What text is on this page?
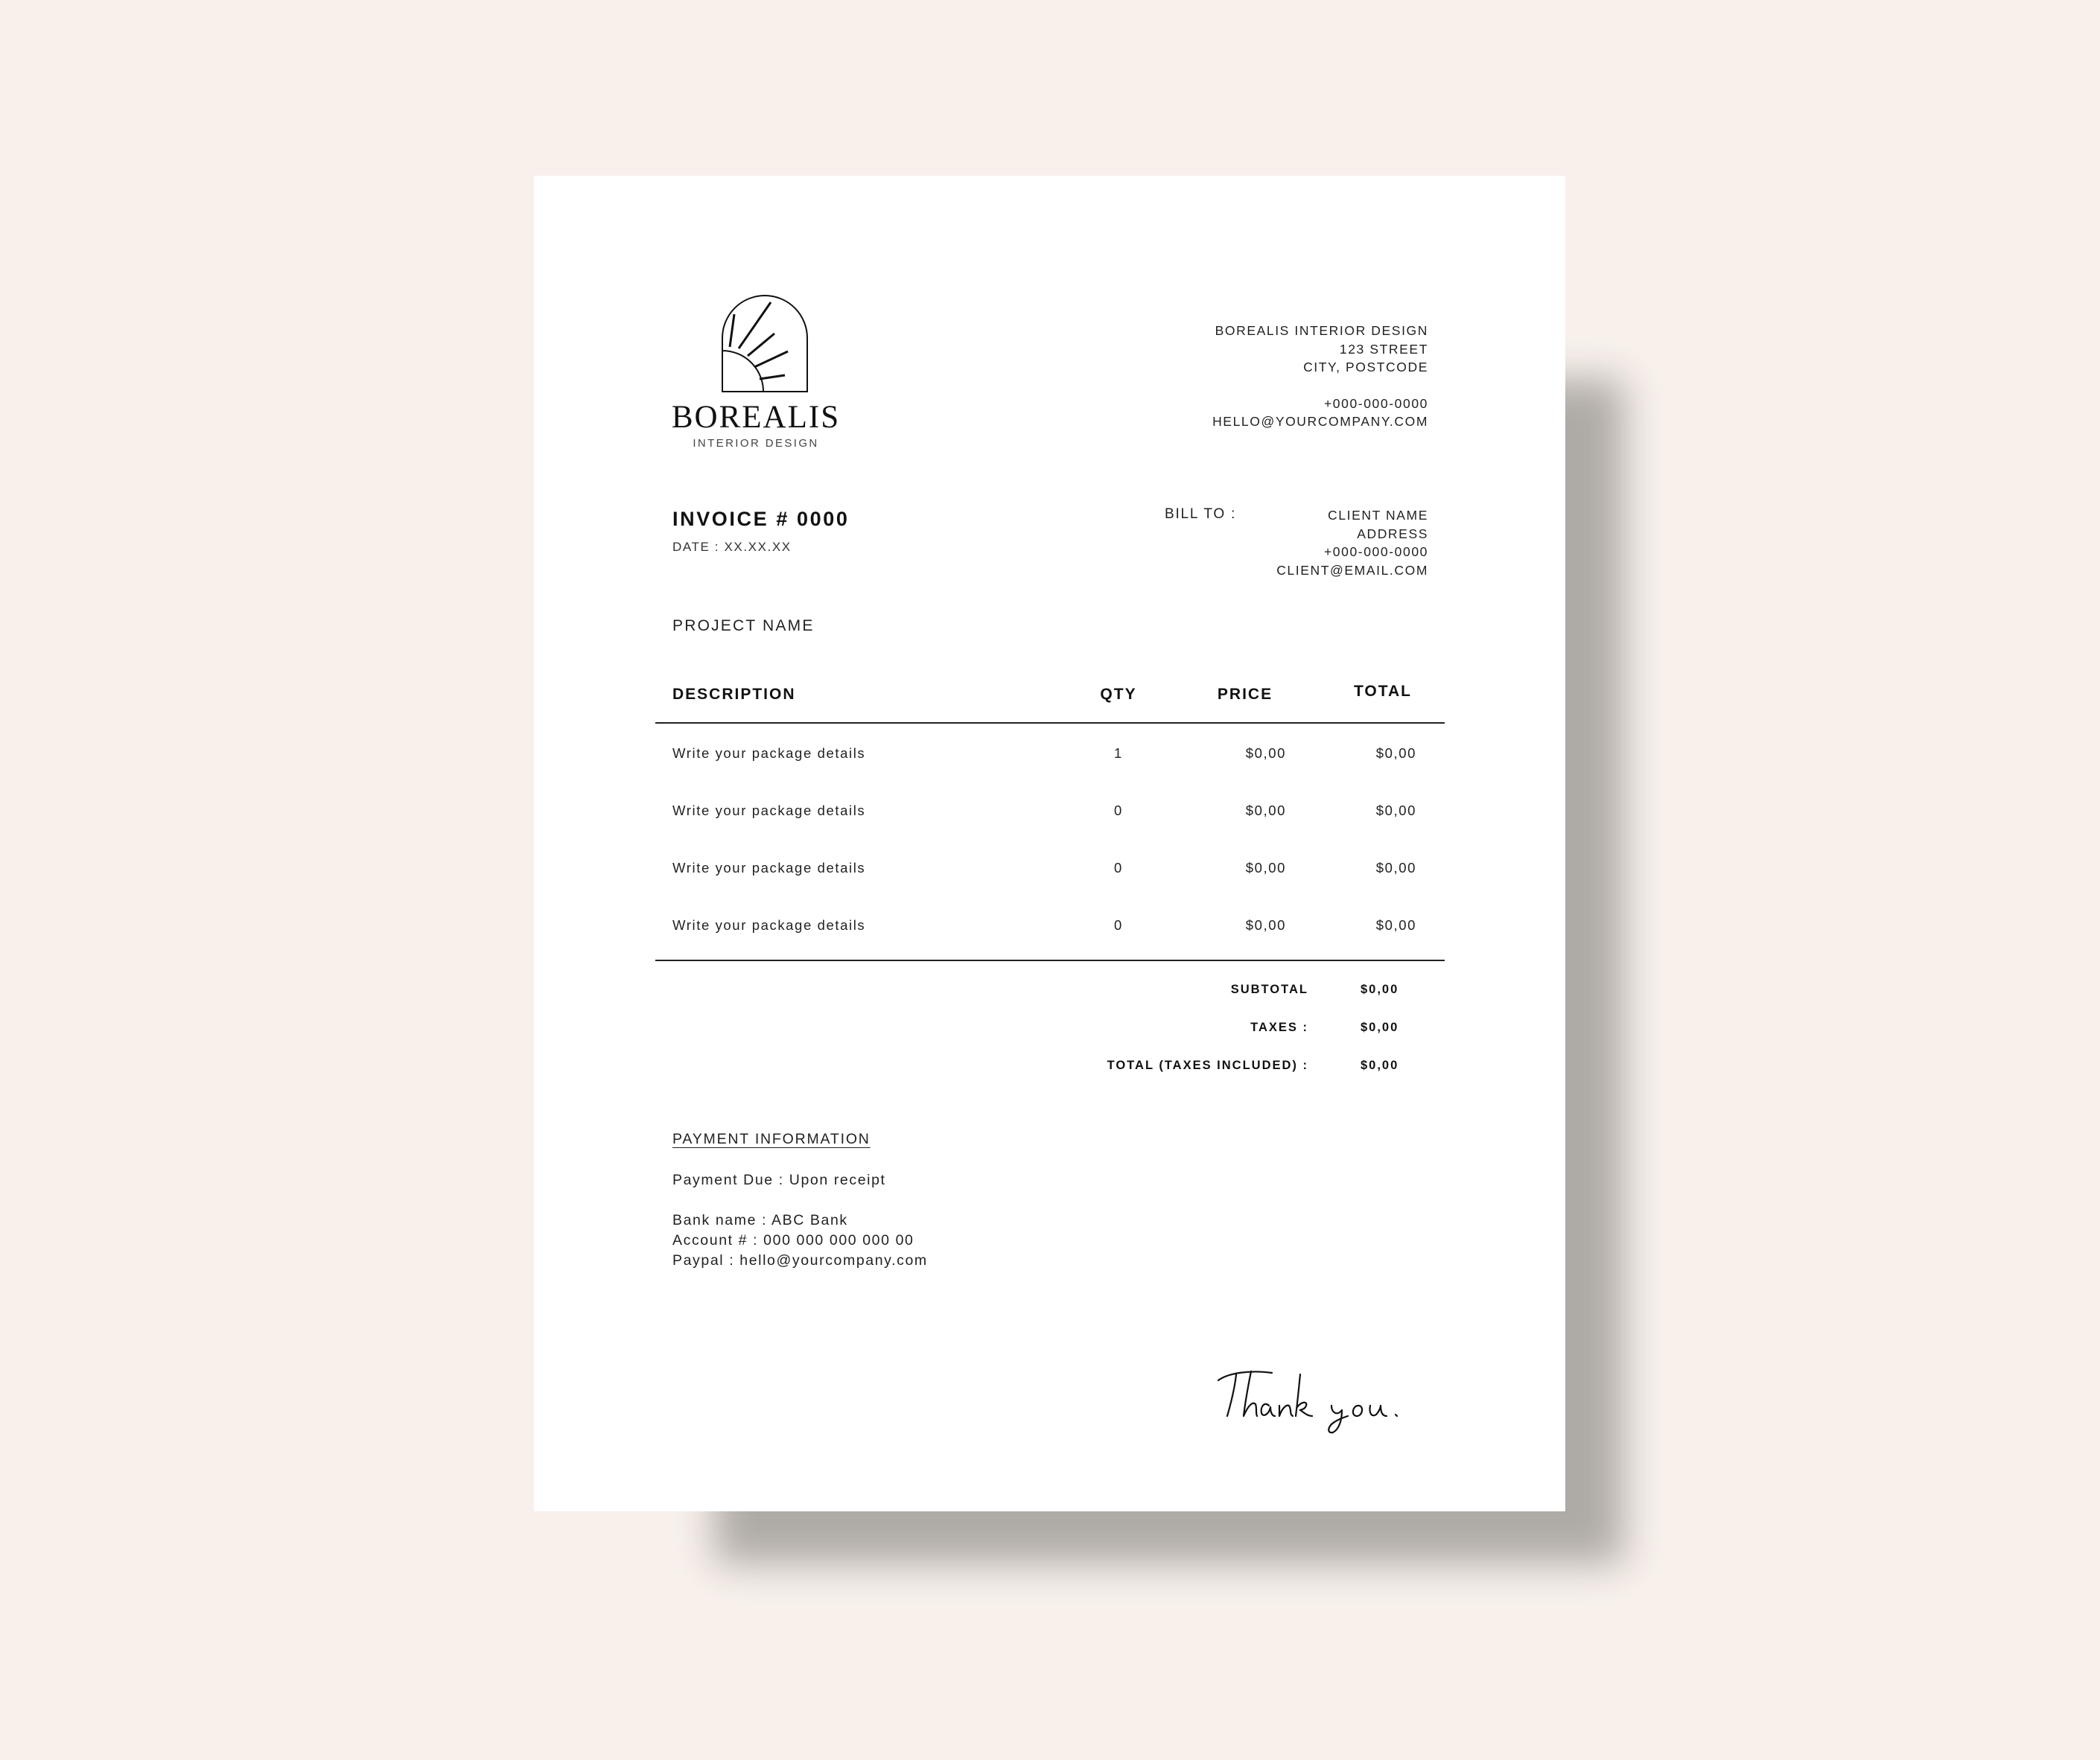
BOREALIS
INTERIOR DESIGN
BOREALIS INTERIOR DESIGN
123 STREET
CITY, POSTCODE
+000-000-0000
HELLO@YOURCOMPANY.COM
INVOICE # 0000
DATE : XX.XX.XX
BILL TO :	CLIENT NAME
ADDRESS
+000-000-0000
CLIENT@EMAIL.COM
PROJECT NAME
DESCRIPTION	QTY	PRICE	TOTAL
Write your package details	1	$0,00	$0,00
Write your package details	0	$0,00	$0,00
Write your package details	0	$0,00	$0,00
Write your package details	0	$0,00	$0,00
SUBTOTAL	$0,00
TAXES :	$0,00
TOTAL (TAXES INCLUDED) :	$0,00
PAYMENT INFORMATION
Payment Due : Upon receipt
Bank name : ABC Bank
Account # : 000 000 000 000 00
Paypal : hello@yourcompany.com
